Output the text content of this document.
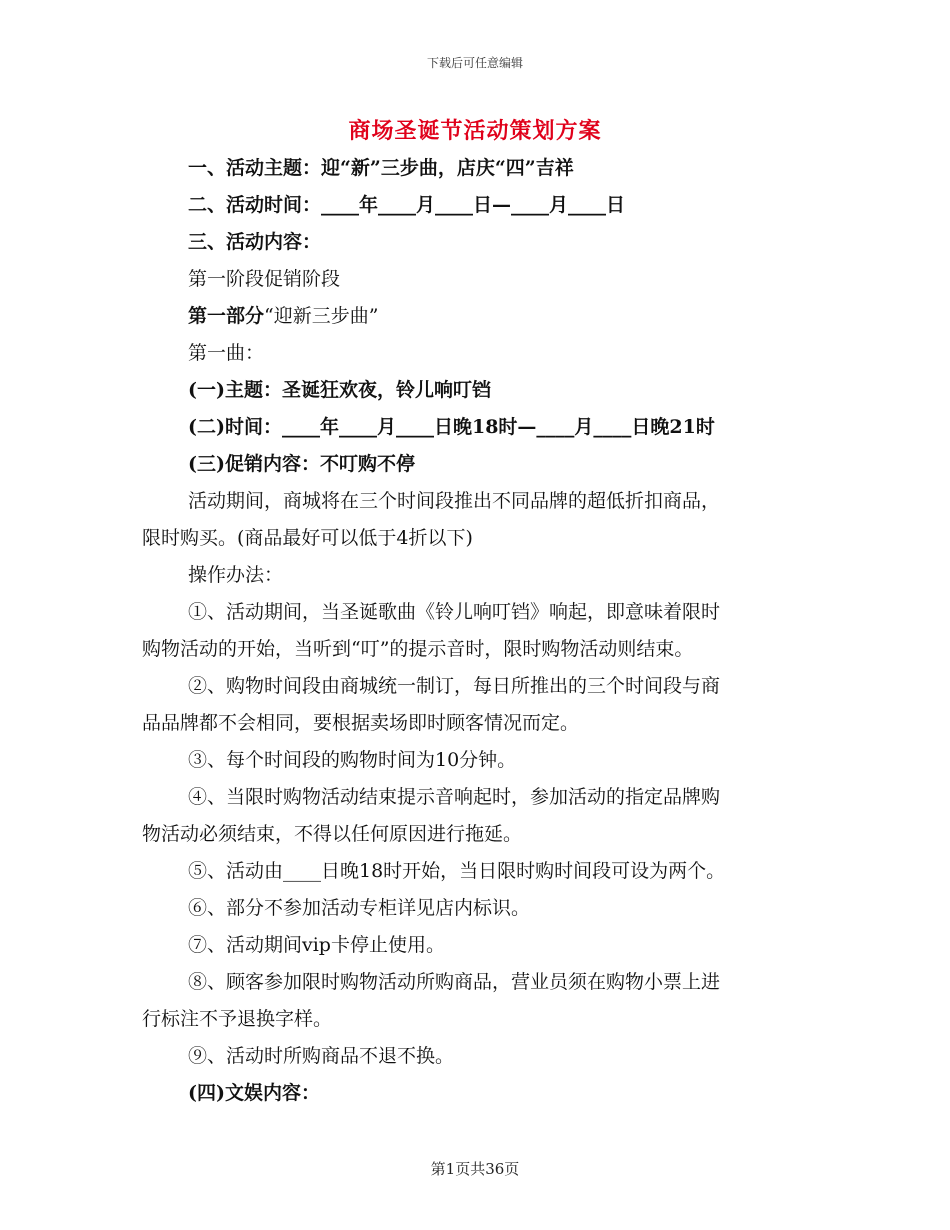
下载后可任意编辑
商场圣诞节活动策划方案
一、活动主题：迎“新”三步曲，店庆“四”吉祥
二、活动时间：____年____月____日—____月____日
三、活动内容：
第一阶段促销阶段
第一部分“迎新三步曲”
第一曲：
(一)主题：圣诞狂欢夜，铃儿响叮铛
(二)时间：____年____月____日晚18时—____月____日晚21时
(三)促销内容：不叮购不停
活动期间，商城将在三个时间段推出不同品牌的超低折扣商品，
限时购买。(商品最好可以低于4折以下)
操作办法：
①、活动期间，当圣诞歌曲《铃儿响叮铛》响起，即意味着限时
购物活动的开始，当听到“叮”的提示音时，限时购物活动则结束。
②、购物时间段由商城统一制订，每日所推出的三个时间段与商
品品牌都不会相同，要根据卖场即时顾客情况而定。
③、每个时间段的购物时间为10分钟。
④、当限时购物活动结束提示音响起时，参加活动的指定品牌购
物活动必须结束，不得以任何原因进行拖延。
⑤、活动由____日晚18时开始，当日限时购时间段可设为两个。
⑥、部分不参加活动专柜详见店内标识。
⑦、活动期间vip卡停止使用。
⑧、顾客参加限时购物活动所购商品，营业员须在购物小票上进
行标注不予退换字样。
⑨、活动时所购商品不退不换。
(四)文娱内容：
第1页共36页
